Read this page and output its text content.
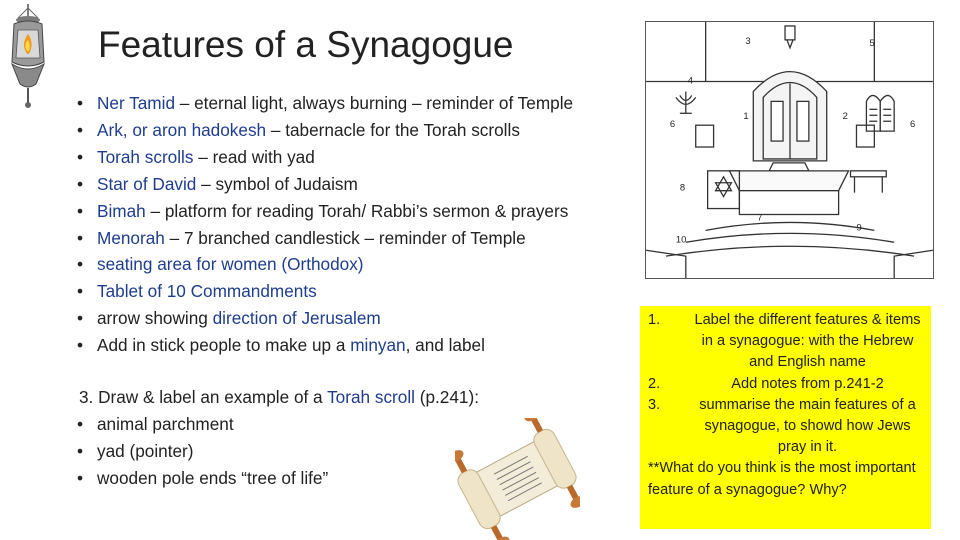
Features of a Synagogue
• Ner Tamid – eternal light, always burning – reminder of Temple
• Ark, or aron hadokesh – tabernacle for the Torah scrolls
• Torah scrolls – read with yad
• Star of David – symbol of Judaism
• Bimah – platform for reading Torah/ Rabbi’s sermon & prayers
• Menorah – 7 branched candlestick – reminder of Temple
• seating area for women (Orthodox)
• Tablet of 10 Commandments
• arrow showing direction of Jerusalem
• Add in stick people to make up a minyan, and label
3. Draw & label an example of a Torah scroll (p.241):
• animal parchment
• yad (pointer)
• wooden pole ends “tree of life”
3	5
4
1	2
6	6
7
8
9
10
1. Label the different features & items in a synagogue: with the Hebrew and English name
2.	Add notes from p.241-2
3.	summarise the main features of a synagogue, to showd how Jews pray in it.
**What do you think is the most important feature of a synagogue? Why?
